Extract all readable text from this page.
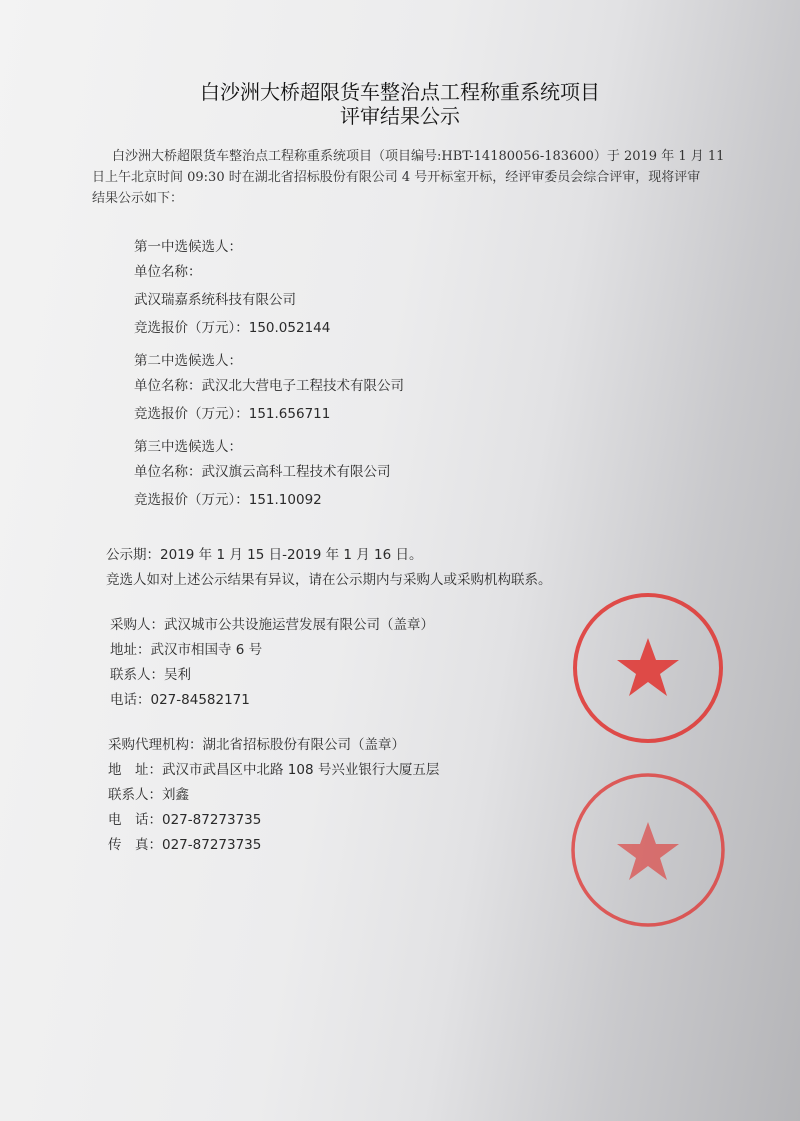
白沙洲大桥超限货车整治点工程称重系统项目
评审结果公示
白沙洲大桥超限货车整治点工程称重系统项目（项目编号:HBT-14180056-183600）于 2019 年 1 月 11
日上午北京时间 09:30 时在湖北省招标股份有限公司 4 号开标室开标，经评审委员会综合评审，现将评审
结果公示如下：
第一中选候选人：
单位名称：
武汉瑞嘉系统科技有限公司
竞选报价（万元）：150.052144
第二中选候选人：
单位名称：武汉北大营电子工程技术有限公司
竞选报价（万元）：151.656711
第三中选候选人：
单位名称：武汉旗云高科工程技术有限公司
竞选报价（万元）：151.10092
公示期：2019 年 1 月 15 日-2019 年 1 月 16 日。
竞选人如对上述公示结果有异议，请在公示期内与采购人或采购机构联系。
采购人：武汉城市公共设施运营发展有限公司（盖章）
地址：武汉市相国寺 6 号
联系人：吴利
电话：027-84582171
采购代理机构：湖北省招标股份有限公司（盖章）
地　址：武汉市武昌区中北路 108 号兴业银行大厦五层
联系人：刘鑫
电　话：027-87273735
传　真：027-87273735
